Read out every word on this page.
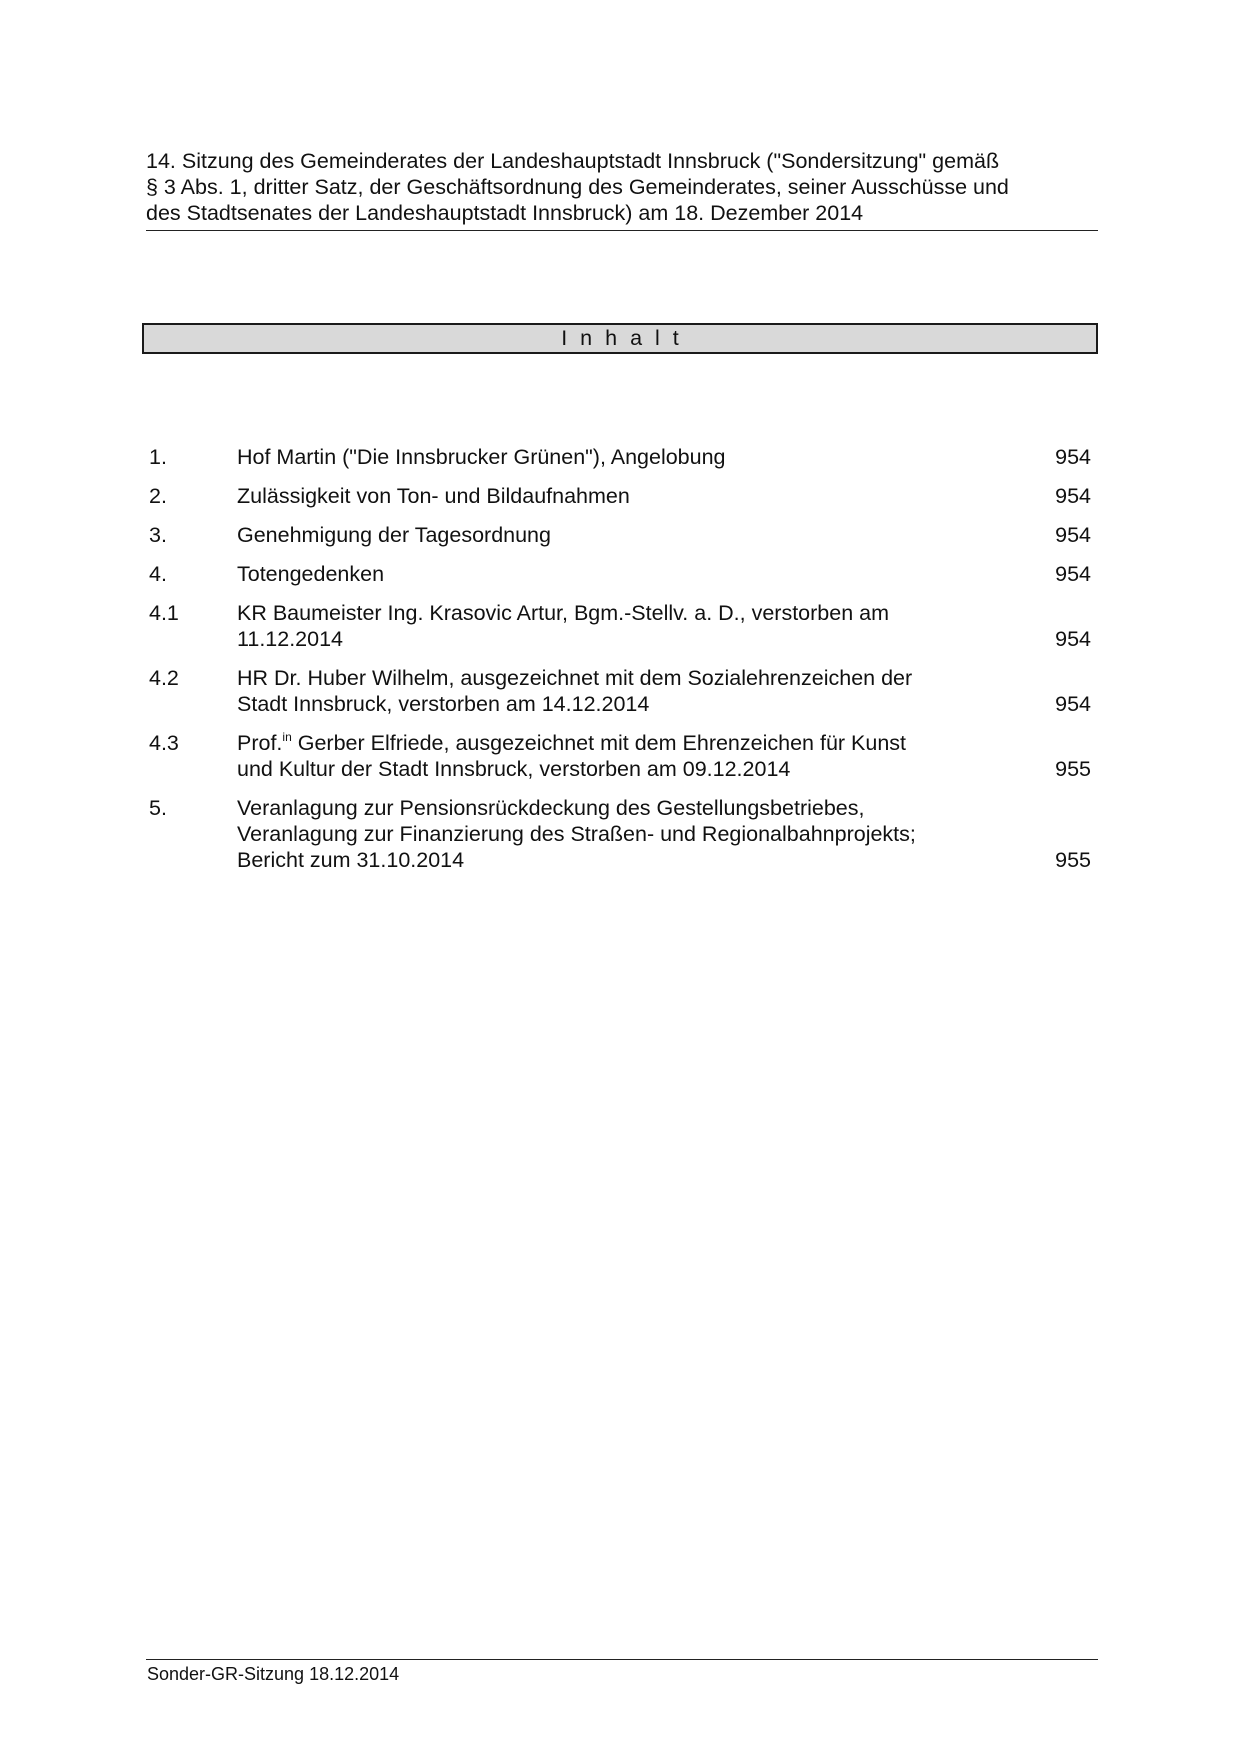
14. Sitzung des Gemeinderates der Landeshauptstadt Innsbruck ("Sondersitzung" gemäß
§ 3 Abs. 1, dritter Satz, der Geschäftsordnung des Gemeinderates, seiner Ausschüsse und
des Stadtsenates der Landeshauptstadt Innsbruck) am 18. Dezember 2014
Inhalt
1.	Hof Martin ("Die Innsbrucker Grünen"), Angelobung	954
2.	Zulässigkeit von Ton- und Bildaufnahmen	954
3.	Genehmigung der Tagesordnung	954
4.	Totengedenken	954
4.1	KR Baumeister Ing. Krasovic Artur, Bgm.-Stellv. a. D., verstorben am
11.12.2014	954
4.2	HR Dr. Huber Wilhelm, ausgezeichnet mit dem Sozialehrenzeichen der
Stadt Innsbruck, verstorben am 14.12.2014	954
4.3	Prof.$^{in}$ Gerber Elfriede, ausgezeichnet mit dem Ehrenzeichen für Kunst
und Kultur der Stadt Innsbruck, verstorben am 09.12.2014	955
5.	Veranlagung zur Pensionsrückdeckung des Gestellungsbetriebes,
Veranlagung zur Finanzierung des Straßen- und Regionalbahnprojekts;
Bericht zum 31.10.2014	955
Sonder-GR-Sitzung 18.12.2014
